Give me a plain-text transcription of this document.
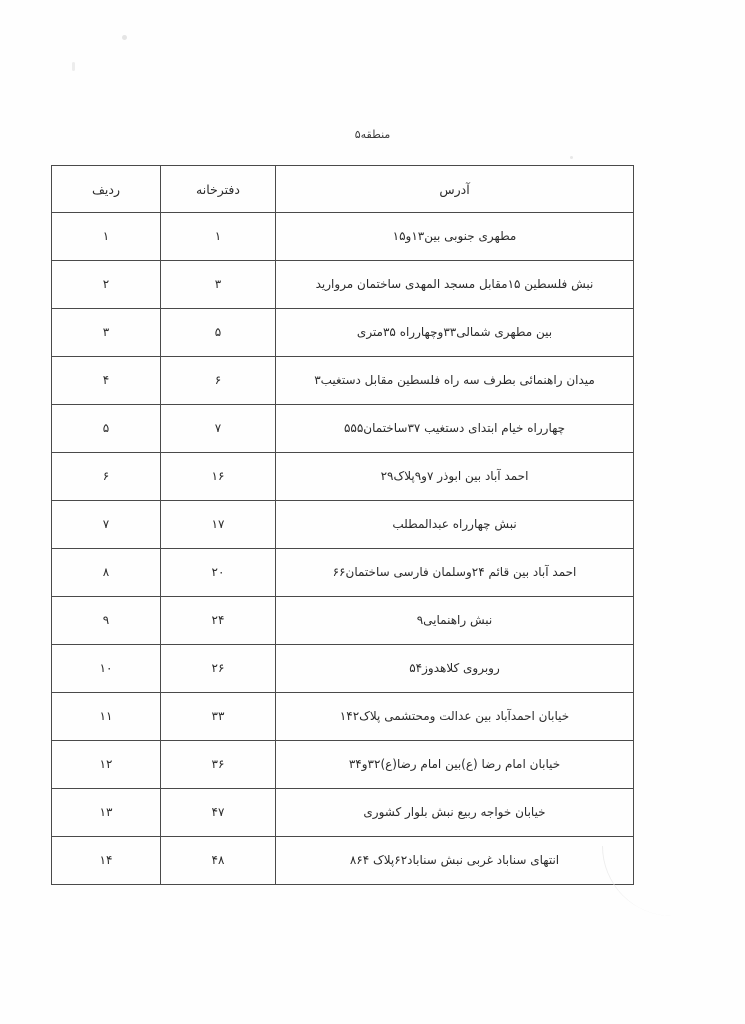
منطقه۵
آدرس	دفترخانه	ردیف
مطهری جنوبی بین۱۳و۱۵	۱	۱
نبش فلسطین ۱۵مقابل مسجد المهدی ساختمان مروارید	۳	۲
بین مطهری شمالی۳۳وچهارراه ۳۵متری	۵	۳
میدان راهنمائی بطرف سه راه فلسطین مقابل دستغیب۳	۶	۴
چهارراه خیام ابتدای دستغیب ۳۷ساختمان۵۵۵	۷	۵
احمد آباد بین ابوذر ۷و۹پلاک۲۹	۱۶	۶
نبش چهارراه عبدالمطلب	۱۷	۷
احمد آباد بین قائم ۲۴وسلمان فارسی ساختمان۶۶	۲۰	۸
نبش راهنمایی۹	۲۴	۹
روبروی کلاهدوز۵۴	۲۶	۱۰
خیابان احمدآباد بین عدالت ومحتشمی پلاک۱۴۲	۳۳	۱۱
خیابان امام رضا (ع)بین امام رضا(ع)۳۲و۳۴	۳۶	۱۲
خیابان خواجه ربیع نبش بلوار کشوری	۴۷	۱۳
انتهای سناباد غربی نبش سناباد۶۲پلاک ۸۶۴	۴۸	۱۴
